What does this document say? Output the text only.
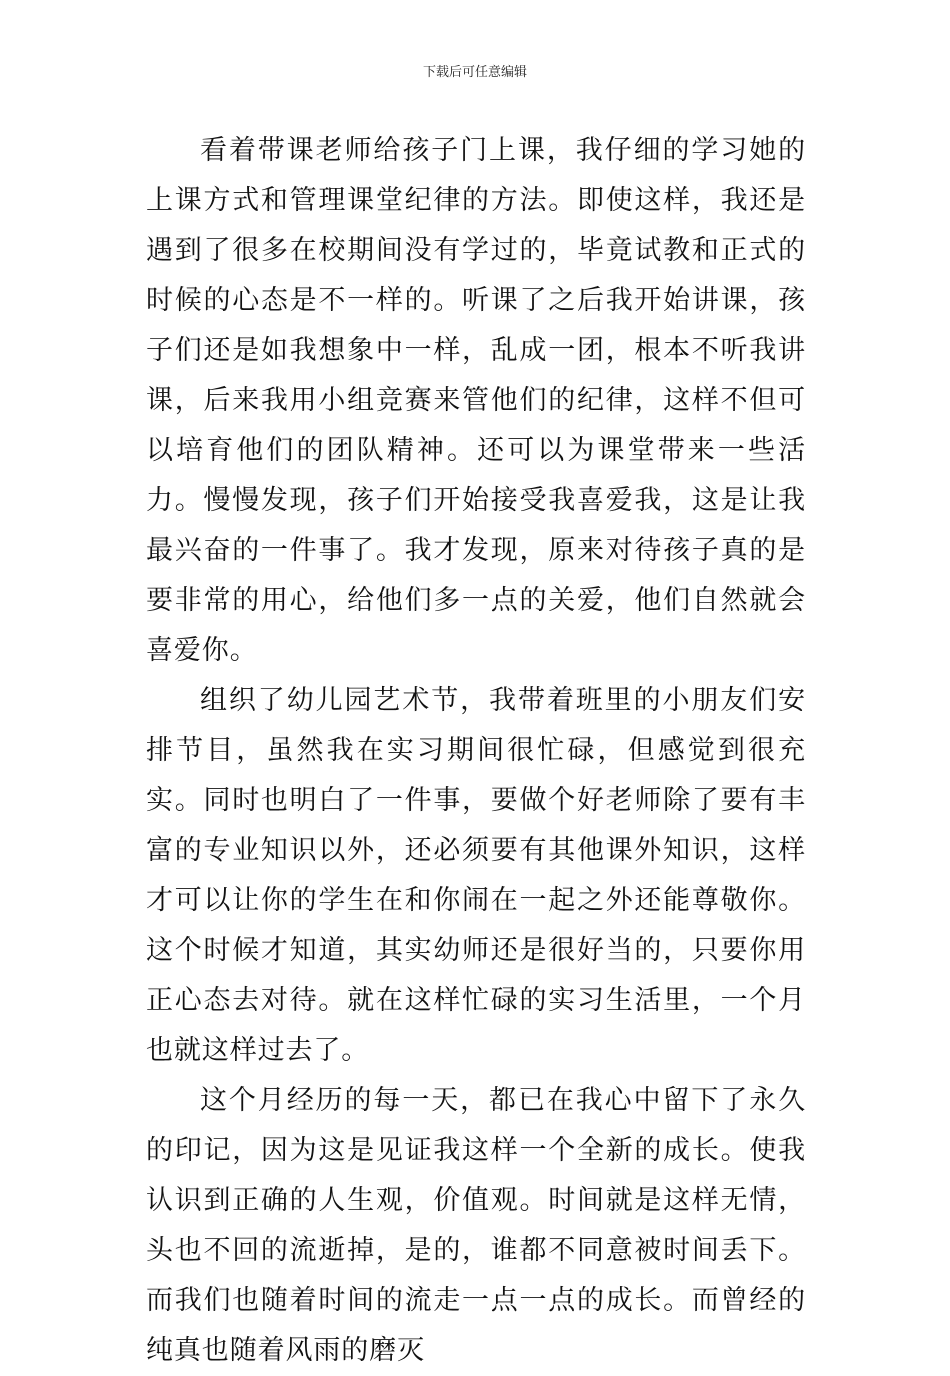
下载后可任意编辑

看着带课老师给孩子门上课，我仔细的学习她的上课方式和管理课堂纪律的方法。即使这样，我还是遇到了很多在校期间没有学过的，毕竟试教和正式的时候的心态是不一样的。听课了之后我开始讲课，孩子们还是如我想象中一样，乱成一团，根本不听我讲课，后来我用小组竞赛来管他们的纪律，这样不但可以培育他们的团队精神。还可以为课堂带来一些活力。慢慢发现，孩子们开始接受我喜爱我，这是让我最兴奋的一件事了。我才发现，原来对待孩子真的是要非常的用心，给他们多一点的关爱，他们自然就会喜爱你。

组织了幼儿园艺术节，我带着班里的小朋友们安排节目，虽然我在实习期间很忙碌，但感觉到很充实。同时也明白了一件事，要做个好老师除了要有丰富的专业知识以外，还必须要有其他课外知识，这样才可以让你的学生在和你闹在一起之外还能尊敬你。这个时候才知道，其实幼师还是很好当的，只要你用正心态去对待。就在这样忙碌的实习生活里，一个月也就这样过去了。

这个月经历的每一天，都已在我心中留下了永久的印记，因为这是见证我这样一个全新的成长。使我认识到正确的人生观，价值观。时间就是这样无情，头也不回的流逝掉，是的，谁都不同意被时间丢下。而我们也随着时间的流走一点一点的成长。而曾经的纯真也随着风雨的磨灭
